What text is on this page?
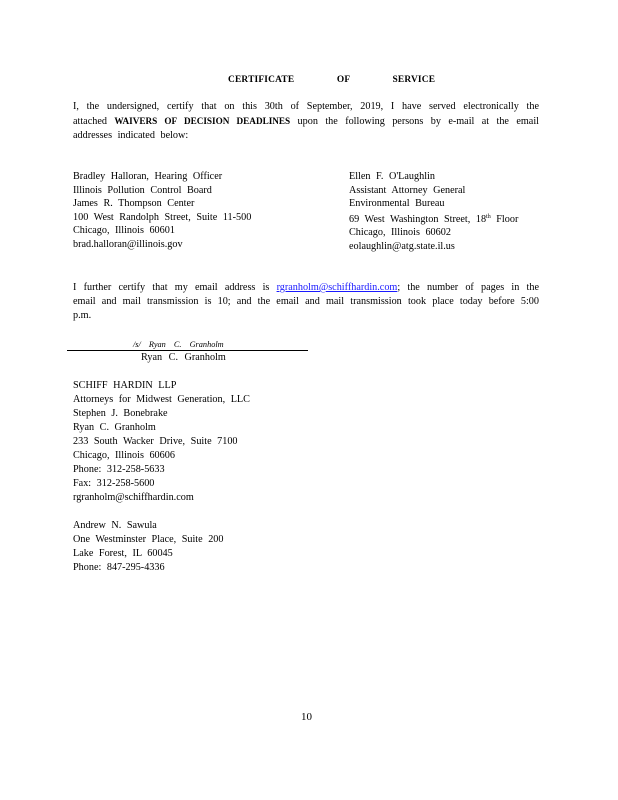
CERTIFICATE OF SERVICE
I, the undersigned, certify that on this 30th of September, 2019, I have served electronically the attached WAIVERS OF DECISION DEADLINES upon the following persons by e-mail at the email addresses indicated below:
Bradley Halloran, Hearing Officer
Illinois Pollution Control Board
James R. Thompson Center
100 West Randolph Street, Suite 11-500
Chicago, Illinois 60601
brad.halloran@illinois.gov
Ellen F. O'Laughlin
Assistant Attorney General
Environmental Bureau
69 West Washington Street, 18th Floor
Chicago, Illinois 60602
eolaughlin@atg.state.il.us
I further certify that my email address is rgranholm@schiffhardin.com; the number of pages in the email and mail transmission is 10; and the email and mail transmission took place today before 5:00 p.m.
/s/ Ryan C. Granholm
Ryan C. Granholm
SCHIFF HARDIN LLP
Attorneys for Midwest Generation, LLC
Stephen J. Bonebrake
Ryan C. Granholm
233 South Wacker Drive, Suite 7100
Chicago, Illinois 60606
Phone: 312-258-5633
Fax: 312-258-5600
rgranholm@schiffhardin.com
Andrew N. Sawula
One Westminster Place, Suite 200
Lake Forest, IL 60045
Phone: 847-295-4336
10
